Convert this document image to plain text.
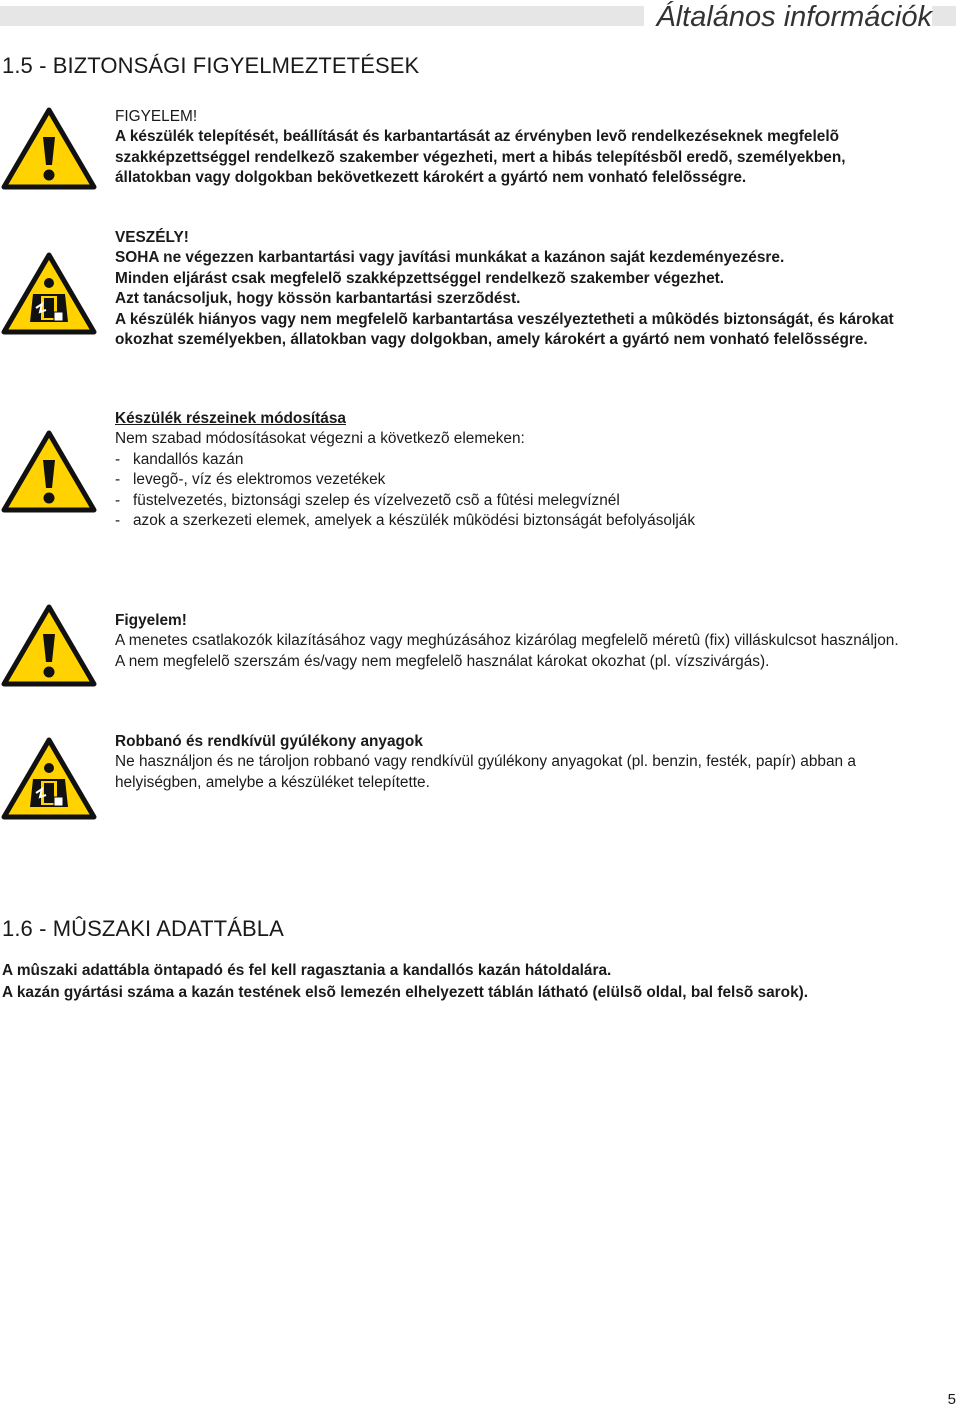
Általános információk
1.5 - BIZTONSÁGI FIGYELMEZTETÉSEK
FIGYELEM!
A készülék telepítését, beállítását és karbantartását az érvényben levõ rendelkezéseknek megfelelõ
szakképzettséggel rendelkezõ szakember végezheti, mert a hibás telepítésbõl eredõ, személyekben,
állatokban vagy dolgokban bekövetkezett károkért a gyártó nem vonható felelõsségre.
VESZÉLY!
SOHA ne végezzen karbantartási vagy javítási munkákat a kazánon saját kezdeményezésre.
Minden eljárást csak megfelelõ szakképzettséggel rendelkezõ szakember végezhet.
Azt tanácsoljuk, hogy kössön karbantartási szerzõdést.
A készülék hiányos vagy nem megfelelõ karbantartása veszélyeztetheti a mûködés biztonságát, és károkat
okozhat személyekben, állatokban vagy dolgokban, amely károkért a gyártó nem vonható felelõsségre.
Készülék részeinek módosítása
Nem szabad módosításokat végezni a következõ elemeken:
- kandallós kazán
- levegõ-, víz és elektromos vezetékek
- füstelvezetés, biztonsági szelep és vízelvezetõ csõ a fûtési melegvíznél
- azok a szerkezeti elemek, amelyek a készülék mûködési biztonságát befolyásolják
Figyelem!
A menetes csatlakozók kilazításához vagy meghúzásához kizárólag megfelelõ méretû (fix) villáskulcsot használjon.
A nem megfelelõ szerszám és/vagy nem megfelelõ használat károkat okozhat (pl. vízszivárgás).
Robbanó és rendkívül gyúlékony anyagok
Ne használjon és ne tároljon robbanó vagy rendkívül gyúlékony anyagokat (pl. benzin, festék, papír) abban a
helyiségben, amelybe a készüléket telepítette.
1.6 - MÛSZAKI ADATTÁBLA
A mûszaki adattábla öntapadó és fel kell ragasztania a kandallós kazán hátoldalára.
A kazán gyártási száma a kazán testének elsõ lemezén elhelyezett táblán látható (elülsõ oldal, bal felsõ sarok).
5
